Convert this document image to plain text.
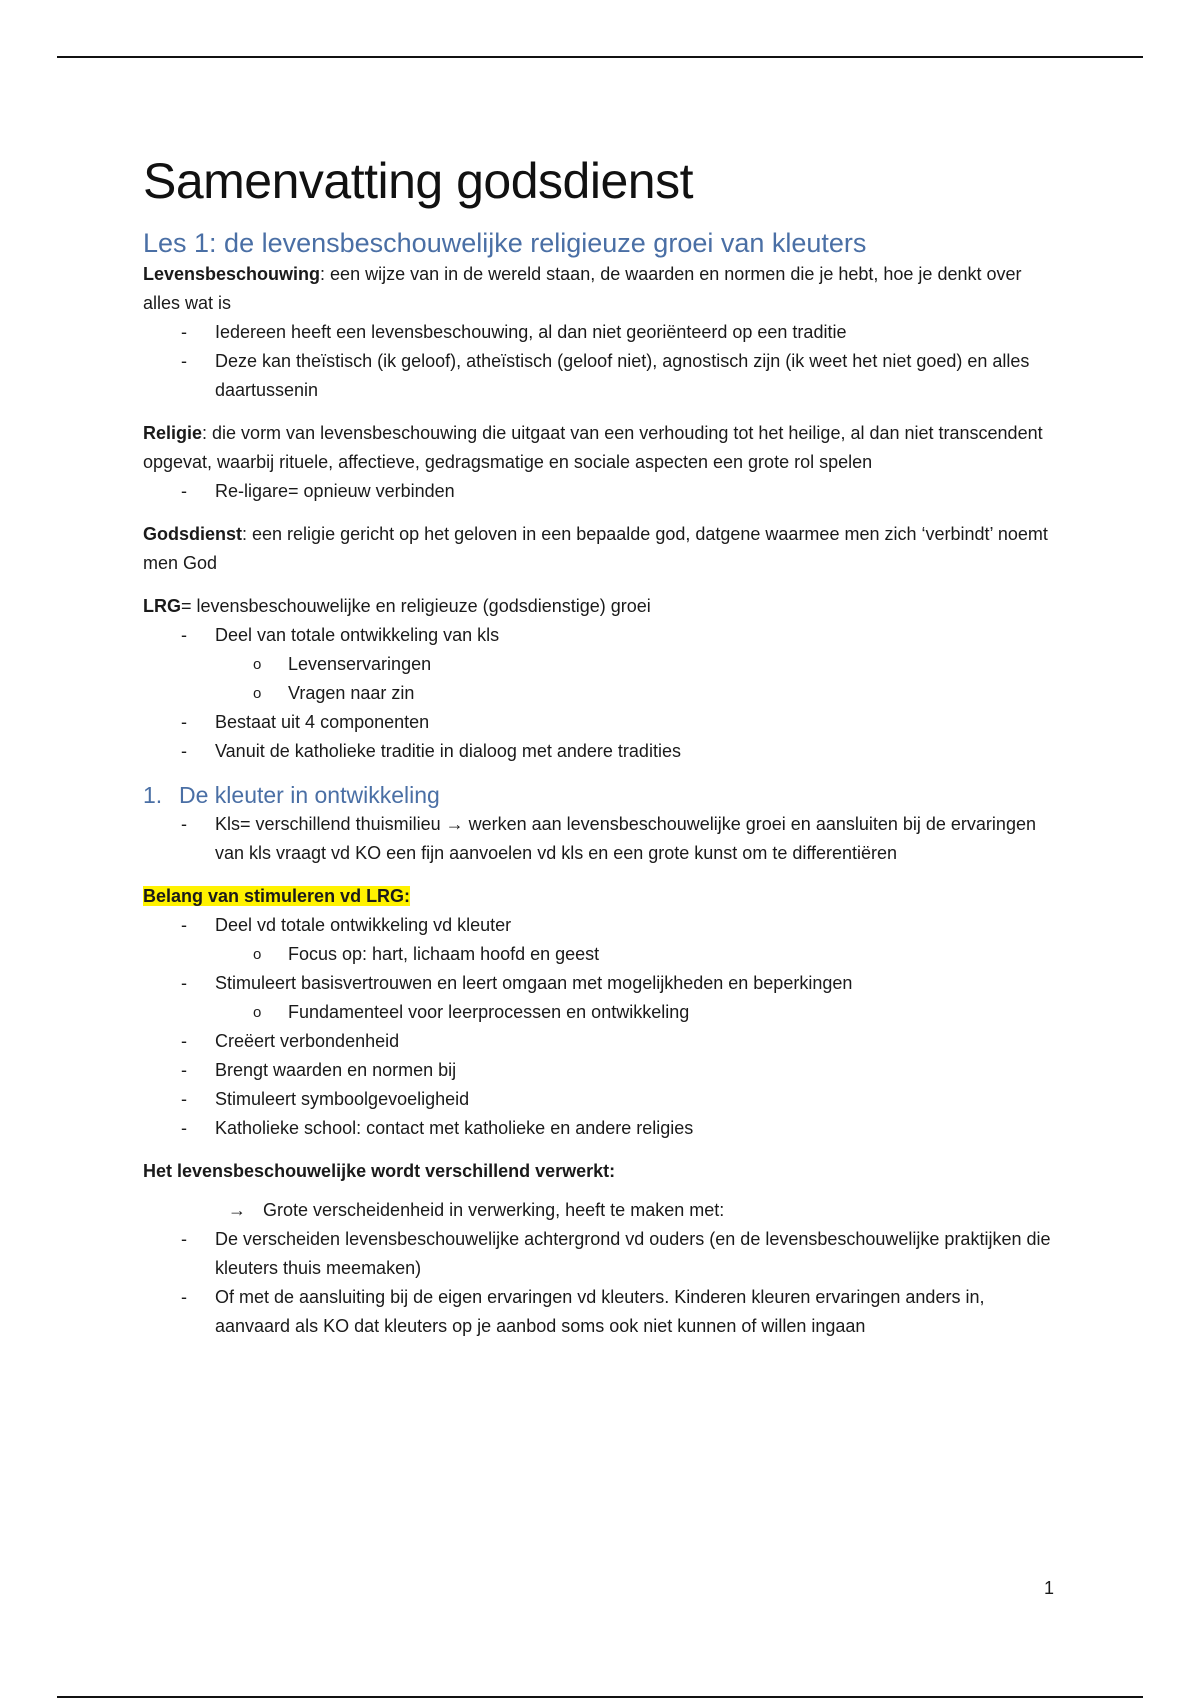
Samenvatting godsdienst
Les 1: de levensbeschouwelijke religieuze groei van kleuters

Levensbeschouwing: een wijze van in de wereld staan, de waarden en normen die je hebt, hoe je denkt over alles wat is

- Iedereen heeft een levensbeschouwing, al dan niet georiënteerd op een traditie
- Deze kan theïstisch (ik geloof), atheïstisch (geloof niet), agnostisch zijn (ik weet het niet goed) en alles daartussenin

Religie: die vorm van levensbeschouwing die uitgaat van een verhouding tot het heilige, al dan niet transcendent opgevat, waarbij rituele, affectieve, gedragsmatige en sociale aspecten een grote rol spelen

- Re-ligare= opnieuw verbinden

Godsdienst: een religie gericht op het geloven in een bepaalde god, datgene waarmee men zich ‘verbindt’ noemt men God

LRG= levensbeschouwelijke en religieuze (godsdienstige) groei

- Deel van totale ontwikkeling van kls
o Levenservaringen
o Vragen naar zin
- Bestaat uit 4 componenten
- Vanuit de katholieke traditie in dialoog met andere tradities
1. De kleuter in ontwikkeling
- Kls= verschillend thuismilieu → werken aan levensbeschouwelijke groei en aansluiten bij de ervaringen van kls vraagt vd KO een fijn aanvoelen vd kls en een grote kunst om te differentiëren

Belang van stimuleren vd LRG:

- Deel vd totale ontwikkeling vd kleuter
o Focus op: hart, lichaam hoofd en geest
- Stimuleert basisvertrouwen en leert omgaan met mogelijkheden en beperkingen
o Fundamenteel voor leerprocessen en ontwikkeling
- Creëert verbondenheid
- Brengt waarden en normen bij
- Stimuleert symboolgevoeligheid
- Katholieke school: contact met katholieke en andere religies

Het levensbeschouwelijke wordt verschillend verwerkt:

→ Grote verscheidenheid in verwerking, heeft te maken met:
- De verscheiden levensbeschouwelijke achtergrond vd ouders (en de levensbeschouwelijke praktijken die kleuters thuis meemaken)
- Of met de aansluiting bij de eigen ervaringen vd kleuters. Kinderen kleuren ervaringen anders in, aanvaard als KO dat kleuters op je aanbod soms ook niet kunnen of willen ingaan
1
